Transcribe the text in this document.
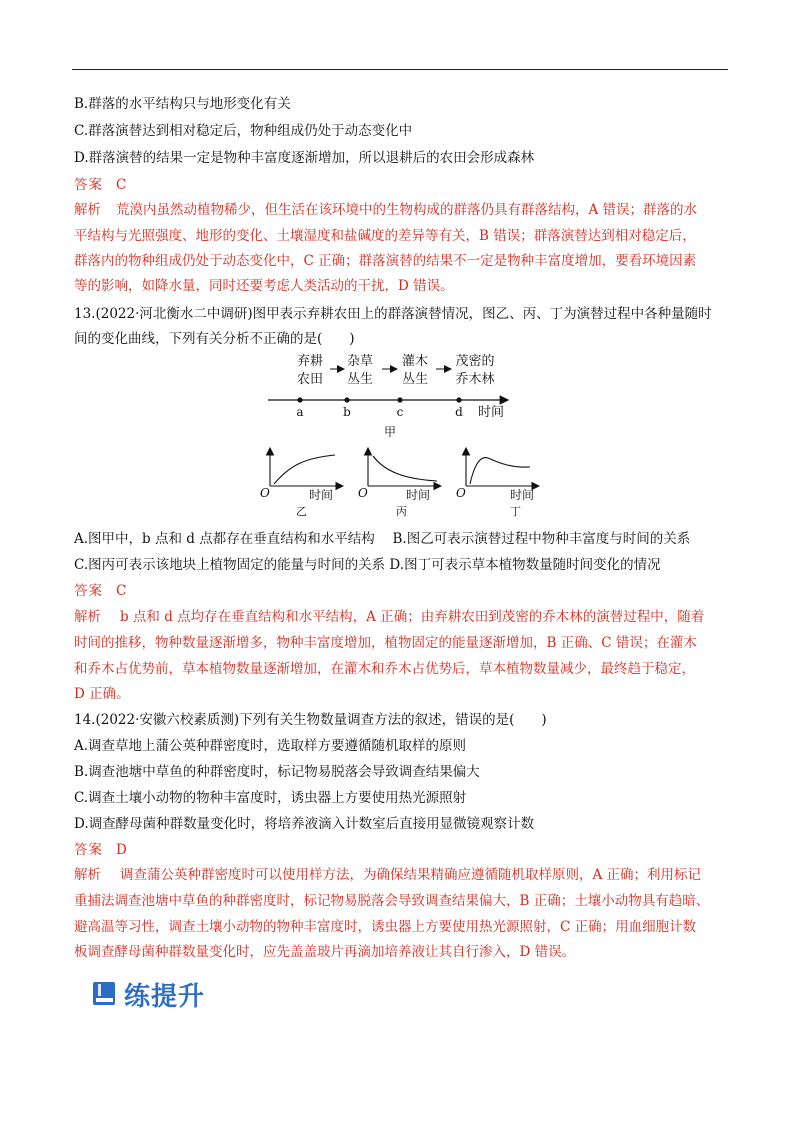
B.群落的水平结构只与地形变化有关
C.群落演替达到相对稳定后，物种组成仍处于动态变化中
D.群落演替的结果一定是物种丰富度逐渐增加，所以退耕后的农田会形成森林
答案 C
解析 荒漠内虽然动植物稀少，但生活在该环境中的生物构成的群落仍具有群落结构，A 错误；群落的水
平结构与光照强度、地形的变化、土壤湿度和盐碱度的差异等有关，B 错误；群落演替达到相对稳定后，
群落内的物种组成仍处于动态变化中，C 正确；群落演替的结果不一定是物种丰富度增加，要看环境因素
等的影响，如降水量，同时还要考虑人类活动的干扰，D 错误。
13.(2022·河北衡水二中调研)图甲表示弃耕农田上的群落演替情况，图乙、丙、丁为演替过程中各种量随时
间的变化曲线，下列有关分析不正确的是(　　)
弃耕
农田
杂草
丛生
灌木
丛生
茂密的
乔木林
a	b	c	d 时间
甲
O	时间
乙
O	时间
丙
O	时间
丁
A.图甲中，b 点和 d 点都存在垂直结构和水平结构　 B.图乙可表示演替过程中物种丰富度与时间的关系
C.图丙可表示该地块上植物固定的能量与时间的关系 D.图丁可表示草本植物数量随时间变化的情况
答案 C
解析 b 点和 d 点均存在垂直结构和水平结构，A 正确；由弃耕农田到茂密的乔木林的演替过程中，随着
时间的推移，物种数量逐渐增多，物种丰富度增加，植物固定的能量逐渐增加，B 正确、C 错误；在灌木
和乔木占优势前，草本植物数量逐渐增加，在灌木和乔木占优势后，草本植物数量减少，最终趋于稳定，
D 正确。
14.(2022·安徽六校素质测)下列有关生物数量调查方法的叙述，错误的是(　　)
A.调查草地上蒲公英种群密度时，选取样方要遵循随机取样的原则
B.调查池塘中草鱼的种群密度时，标记物易脱落会导致调查结果偏大
C.调查土壤小动物的物种丰富度时，诱虫器上方要使用热光源照射
D.调查酵母菌种群数量变化时，将培养液滴入计数室后直接用显微镜观察计数
答案 D
解析 调查蒲公英种群密度时可以使用样方法，为确保结果精确应遵循随机取样原则，A 正确；利用标记
重捕法调查池塘中草鱼的种群密度时，标记物易脱落会导致调查结果偏大，B 正确；土壤小动物具有趋暗、
避高温等习性，调查土壤小动物的物种丰富度时，诱虫器上方要使用热光源照射，C 正确；用血细胞计数
板调查酵母菌种群数量变化时，应先盖盖玻片再滴加培养液让其自行渗入，D 错误。
练提升
